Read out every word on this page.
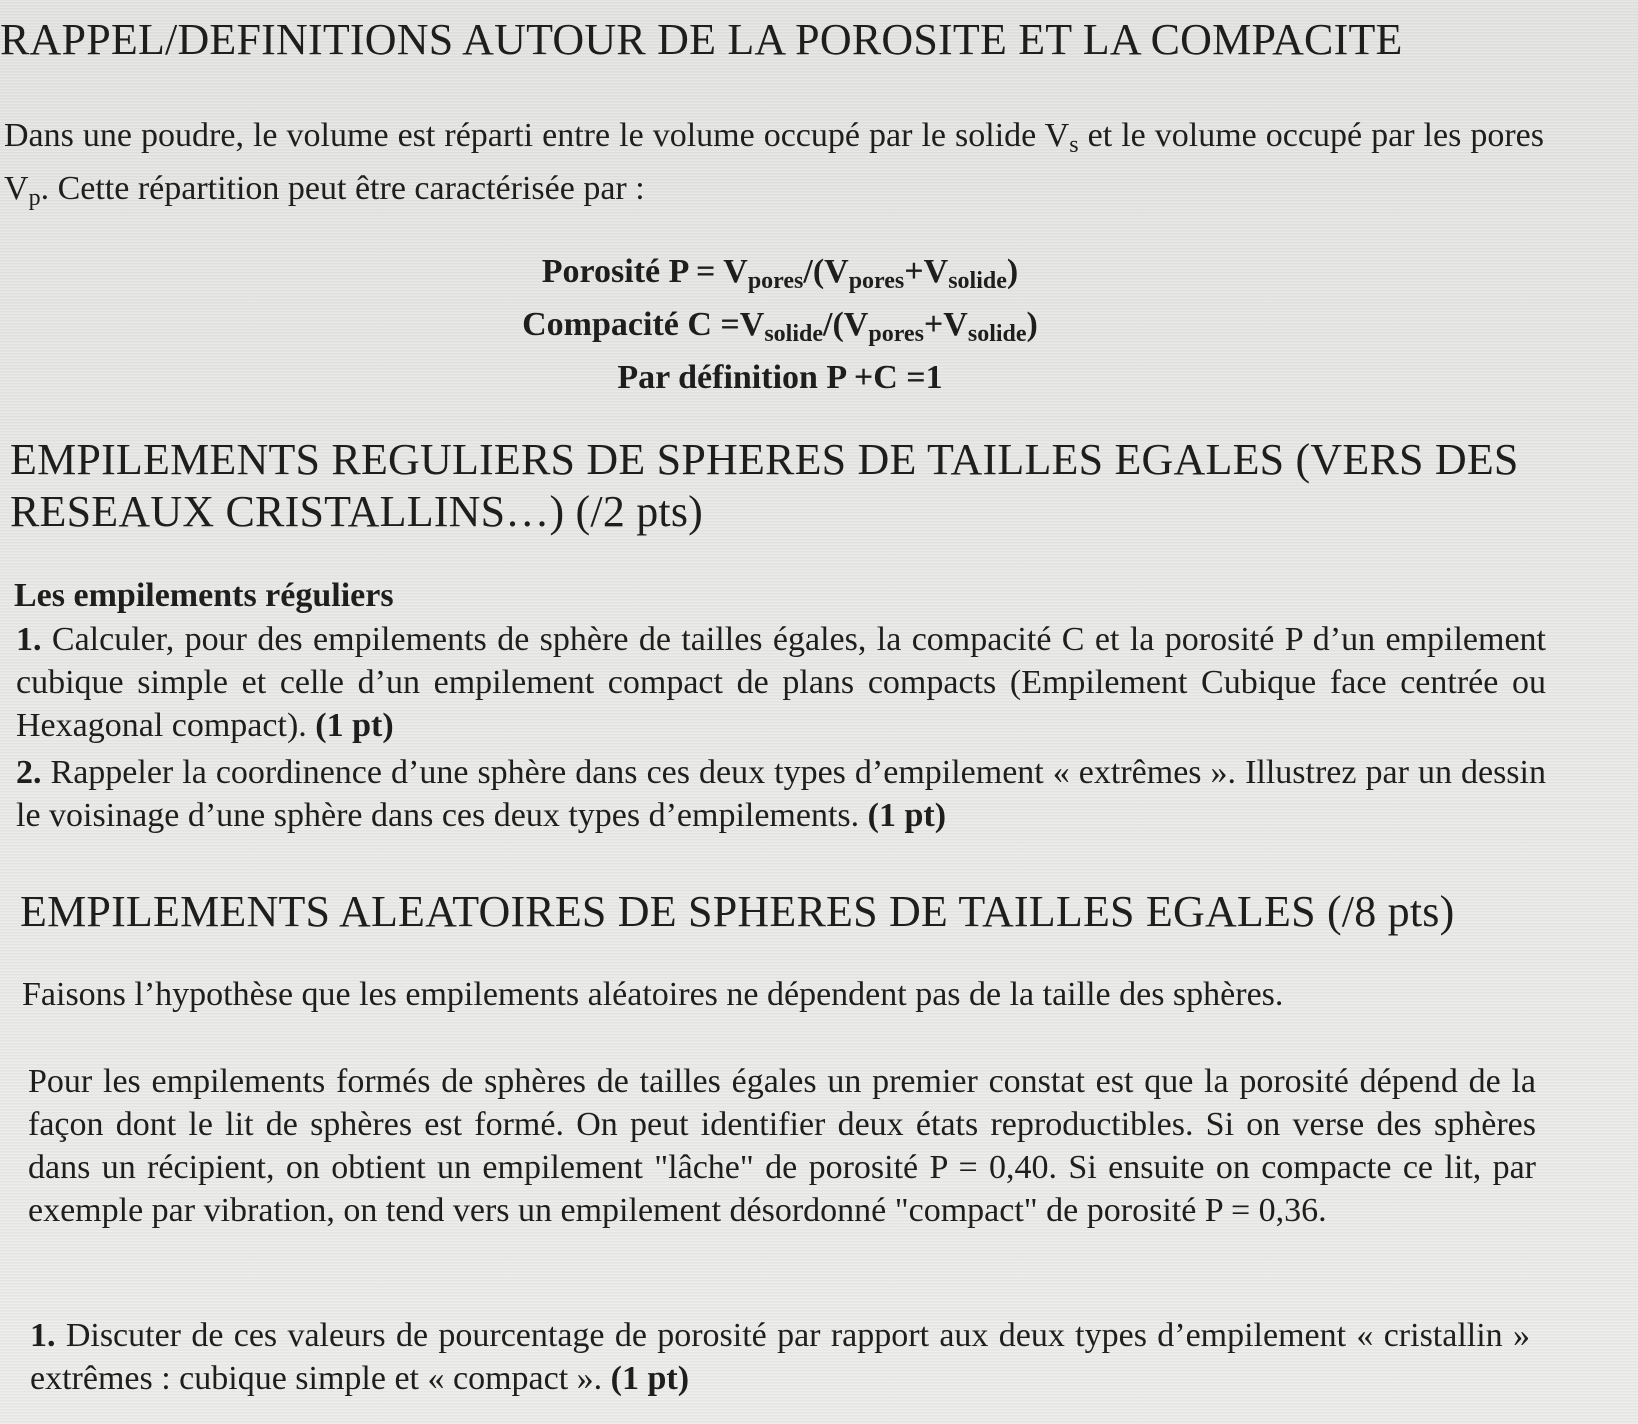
RAPPEL/DEFINITIONS AUTOUR DE LA POROSITE ET LA COMPACITE
Dans une poudre, le volume est réparti entre le volume occupé par le solide $V_s$ et le volume occupé par les pores $V_p$. Cette répartition peut être caractérisée par :
Porosité $P = V_{pores}/(V_{pores}+V_{solide})$
Compacité $C =V_{solide}/(V_{pores}+V_{solide})$
Par définition P +C =1
EMPILEMENTS REGULIERS DE SPHERES DE TAILLES EGALES (VERS DES RESEAUX CRISTALLINS…) (/2 pts)
Les empilements réguliers
1. Calculer, pour des empilements de sphère de tailles égales, la compacité C et la porosité P d’un empilement cubique simple et celle d’un empilement compact de plans compacts (Empilement Cubique face centrée ou Hexagonal compact). (1 pt)
2. Rappeler la coordinence d’une sphère dans ces deux types d’empilement « extrêmes ». Illustrez par un dessin le voisinage d’une sphère dans ces deux types d’empilements. (1 pt)
EMPILEMENTS ALEATOIRES DE SPHERES DE TAILLES EGALES (/8 pts)
Faisons l’hypothèse que les empilements aléatoires ne dépendent pas de la taille des sphères.
Pour les empilements formés de sphères de tailles égales un premier constat est que la porosité dépend de la façon dont le lit de sphères est formé. On peut identifier deux états reproductibles. Si on verse des sphères dans un récipient, on obtient un empilement "lâche" de porosité P = 0,40. Si ensuite on compacte ce lit, par exemple par vibration, on tend vers un empilement désordonné "compact" de porosité P = 0,36.
1. Discuter de ces valeurs de pourcentage de porosité par rapport aux deux types d’empilement « cristallin » extrêmes : cubique simple et « compact ». (1 pt)
